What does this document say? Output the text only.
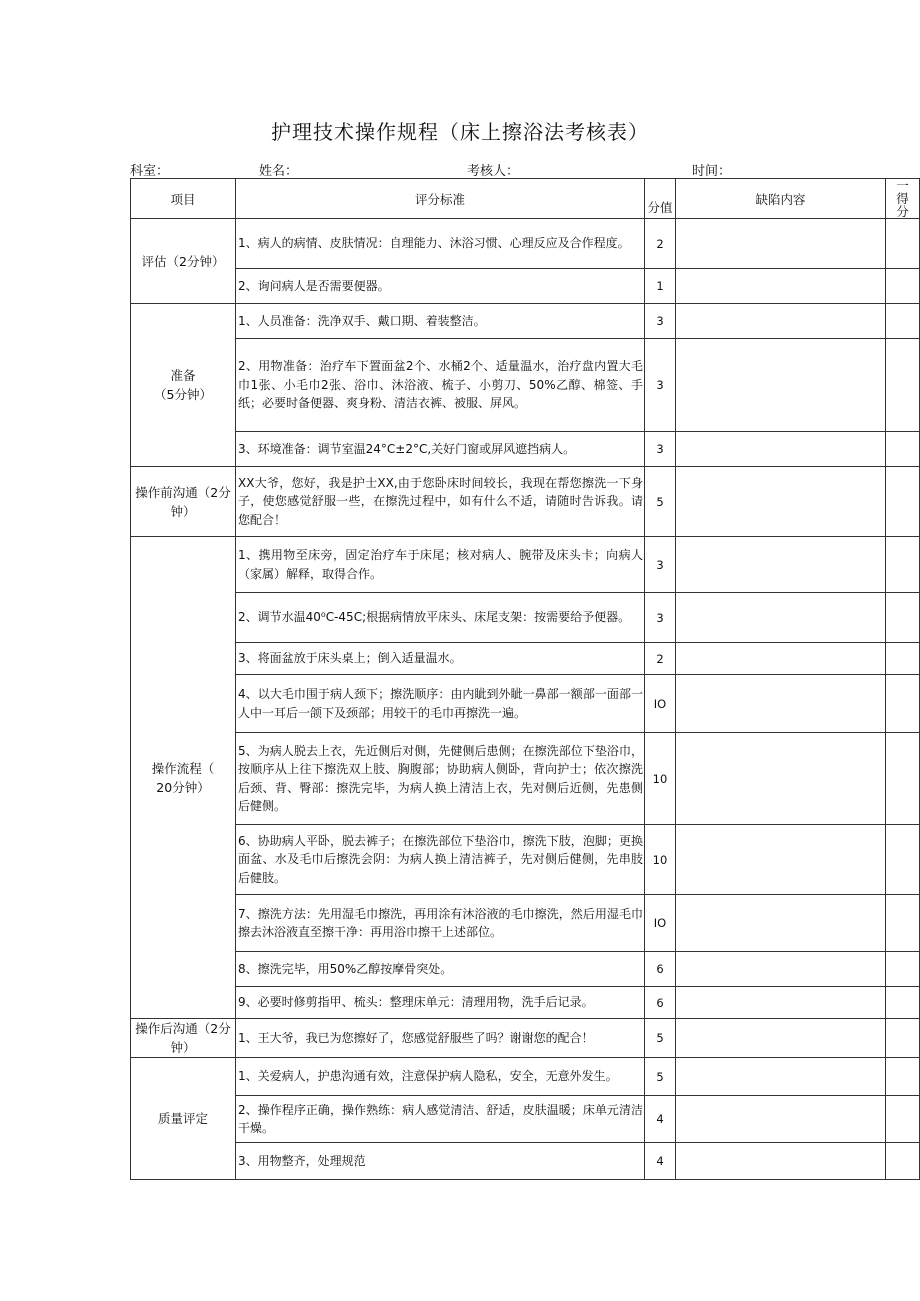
护理技术操作规程（床上擦浴法考核表）
科室：	姓名：	考核人：	时间：
项目	评分标准	分值	缺陷内容	一
得
分

评估（2分钟）	1、病人的病情、皮肤情况：自理能力、沐浴习惯、心理反应及合作程度。	2		
	2、询问病人是否需要便器。	1		

准备
（5分钟）	1、人员准备：洗净双手、戴口期、着装整洁。	3		
	2、用物准备：治疗车下置面盆2个、水桶2个、适量温水，治疗盘内置大毛巾1张、小毛巾2张、浴巾、沐浴液、梳子、小剪刀、50%乙醇、棉签、手纸；必要时备便器、爽身粉、清洁衣裤、被服、屏风。	3		
	3、环境准备：调节室温24°C±2°C,关好门窗或屏风遮挡病人。	3		
操作前沟通（2分钟）	XX大爷，您好，我是护士XX,由于您卧床时间较长，我现在帮您擦洗一下身子，使您感觉舒服一些，在擦洗过程中，如有什么不适，请随时告诉我。请您配合！	5		

操作流程（
20分钟）	1、携用物至床旁，固定治疗车于床尾；核对病人、腕带及床头卡；向病人（家属）解释，取得合作。	3		
	2、调节水温40⁰C-45C;根据病情放平床头、床尾支架：按需要给予便器。	3		
	3、将面盆放于床头桌上；倒入适量温水。	2		
	4、以大毛巾围于病人颈下；擦洗顺序：由内眦到外眦一鼻部一额部一面部一人中一耳后一颌下及颈部；用较干的毛巾再擦洗一遍。	IO		
	5、为病人脱去上衣，先近侧后对侧，先健侧后患侧；在擦洗部位下垫浴巾，按顺序从上往下擦洗双上肢、胸腹部；协助病人侧卧，背向护士；依次擦洗后颈、背、臀部：擦洗完毕，为病人换上清洁上衣，先对侧后近侧，先患侧后健侧。	10		
	6、协助病人平卧，脱去裤子；在擦洗部位下垫浴巾，擦洗下肢，泡脚；更换面盆、水及毛巾后擦洗会阴：为病人换上清洁裤子，先对侧后健侧，先串肢后健肢。	10		
	7、擦洗方法：先用湿毛巾擦洗，再用涂有沐浴液的毛巾擦洗，然后用湿毛巾擦去沐浴液直至擦干净：再用浴巾擦干上述部位。	IO		
	8、擦洗完毕，用50%乙醇按摩骨突处。	6		
	9、必要时修剪指甲、梳头：整理床单元：清理用物，洗手后记录。	6		
操作后沟通（2分钟）	1、王大爷，我已为您擦好了，您感觉舒服些了吗？谢谢您的配合！	5		
质量评定	1、关爱病人，护患沟通有效，注意保护病人隐私，安全，无意外发生。	5		
	2、操作程序正确，操作熟练：病人感觉清洁、舒适，皮肤温暖；床单元清洁干燥。	4		
	3、用物整齐，处理规范	4		
